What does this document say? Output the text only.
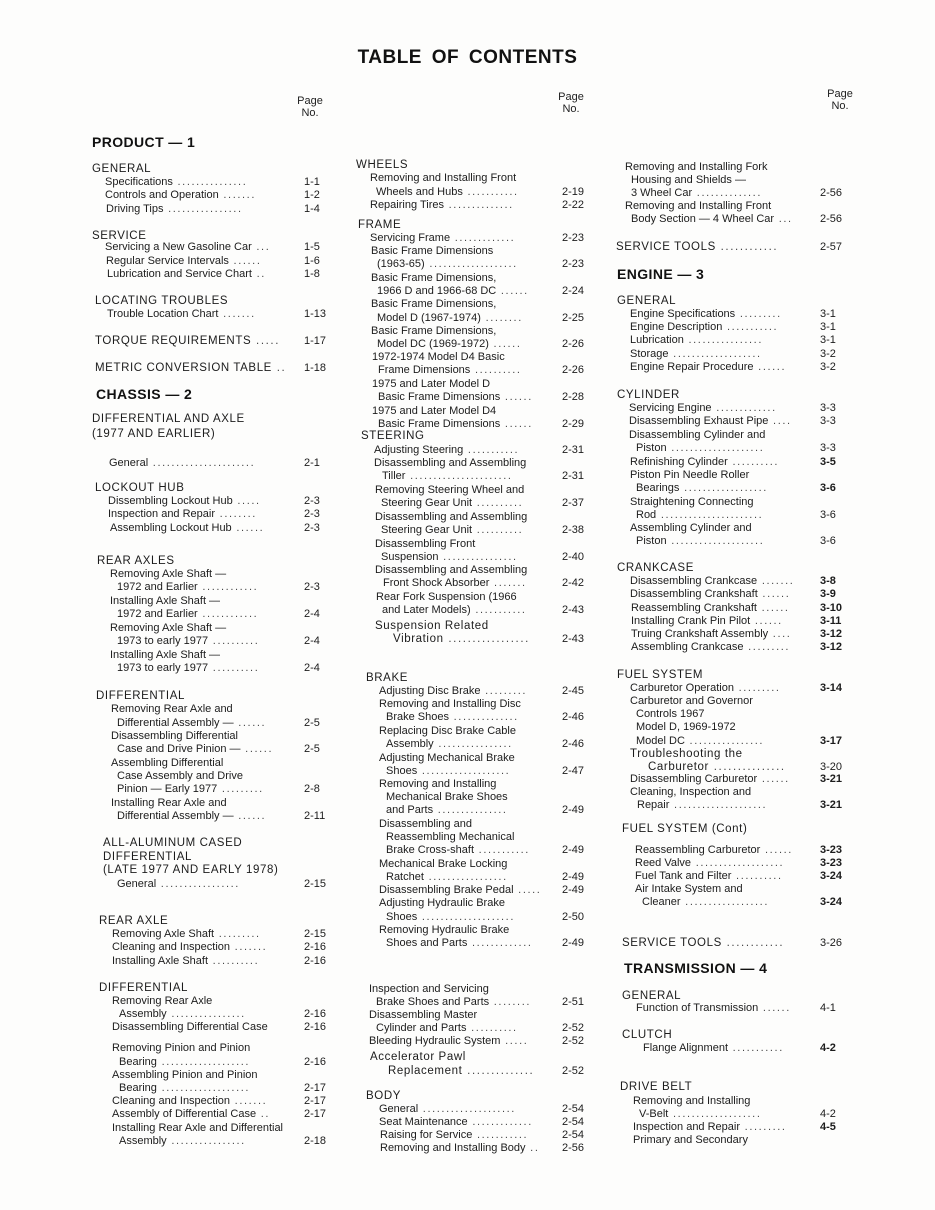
TABLE OF CONTENTS
Page
No.
Page
No.
Page
No.
PRODUCT — 1
GENERAL
Specifications ...............	1-1
Controls and Operation .......	1-2
Driving Tips ................	1-4
SERVICE
Servicing a New Gasoline Car ...	1-5
Regular Service Intervals ......	1-6
Lubrication and Service Chart ..	1-8
LOCATING TROUBLES
Trouble Location Chart .......	1-13
TORQUE REQUIREMENTS ..... 1-17
METRIC CONVERSION TABLE .. 1-18
CHASSIS — 2
DIFFERENTIAL AND AXLE
(1977 AND EARLIER)
General ......................	2-1
LOCKOUT HUB
Dissembling Lockout Hub .....	2-3
Inspection and Repair ........	2-3
Assembling Lockout Hub ......	2-3
REAR AXLES
Removing Axle Shaft —
1972 and Earlier ............	2-3
Installing Axle Shaft —
1972 and Earlier ............	2-4
Removing Axle Shaft —
1973 to early 1977 ..........	2-4
Installing Axle Shaft —
1973 to early 1977 ..........	2-4
DIFFERENTIAL
Removing Rear Axle and
Differential Assembly — ......	2-5
Disassembling Differential
Case and Drive Pinion — ......	2-5
Assembling Differential
Case Assembly and Drive
Pinion — Early 1977 .........	2-8
Installing Rear Axle and
Differential Assembly — ......	2-11
ALL-ALUMINUM CASED
DIFFERENTIAL
(LATE 1977 AND EARLY 1978)
General .................	2-15
REAR AXLE
Removing Axle Shaft .........	2-15
Cleaning and Inspection .......	2-16
Installing Axle Shaft ..........	2-16
DIFFERENTIAL
Removing Rear Axle
Assembly ................	2-16
Disassembling Differential Case	2-16
Removing Pinion and Pinion
Bearing ...................	2-16
Assembling Pinion and Pinion
Bearing ...................	2-17
Cleaning and Inspection .......	2-17
Assembly of Differential Case ..	2-17
Installing Rear Axle and Differential
Assembly ................	2-18
WHEELS
Removing and Installing Front
Wheels and Hubs ...........	2-19
Repairing Tires ..............	2-22
FRAME
Servicing Frame .............	2-23
Basic Frame Dimensions
(1963-65) ...................	2-23
Basic Frame Dimensions,
1966 D and 1966-68 DC ......	2-24
Basic Frame Dimensions,
Model D (1967-1974) ........	2-25
Basic Frame Dimensions,
Model DC (1969-1972) ......	2-26
1972-1974 Model D4 Basic
Frame Dimensions ..........	2-26
1975 and Later Model D
Basic Frame Dimensions ......	2-28
1975 and Later Model D4
Basic Frame Dimensions ......	2-29
STEERING
Adjusting Steering ...........	2-31
Disassembling and Assembling
Tiller ......................	2-31
Removing Steering Wheel and
Steering Gear Unit ..........	2-37
Disassembling and Assembling
Steering Gear Unit ..........	2-38
Disassembling Front
Suspension ................	2-40
Disassembling and Assembling
Front Shock Absorber .......	2-42
Rear Fork Suspension (1966
and Later Models) ...........	2-43
Suspension Related
Vibration .................	2-43
BRAKE
Adjusting Disc Brake .........	2-45
Removing and Installing Disc
Brake Shoes ..............	2-46
Replacing Disc Brake Cable
Assembly ................	2-46
Adjusting Mechanical Brake
Shoes ...................	2-47
Removing and Installing
Mechanical Brake Shoes
and Parts ...............	2-49
Disassembling and
Reassembling Mechanical
Brake Cross-shaft ...........	2-49
Mechanical Brake Locking
Ratchet .................	2-49
Disassembling Brake Pedal ..... 2-49
Adjusting Hydraulic Brake
Shoes ....................	2-50
Removing Hydraulic Brake
Shoes and Parts .............	2-49
Inspection and Servicing
Brake Shoes and Parts ........	2-51
Disassembling Master
Cylinder and Parts ..........	2-52
Bleeding Hydraulic System .....	2-52
Accelerator Pawl
Replacement ..............	2-52
BODY
General ....................	2-54
Seat Maintenance .............	2-54
Raising for Service ...........	2-54
Removing and Installing Body .. 2-56
Removing and Installing Fork
Housing and Shields —
3 Wheel Car ..............	2-56
Removing and Installing Front
Body Section — 4 Wheel Car ... 2-56
SERVICE TOOLS ............	2-57
ENGINE — 3
GENERAL
Engine Specifications .........	3-1
Engine Description ...........	3-1
Lubrication ................	3-1
Storage ...................	3-2
Engine Repair Procedure ......	3-2
CYLINDER
Servicing Engine .............	3-3
Disassembling Exhaust Pipe ....	3-3
Disassembling Cylinder and
Piston ....................	3-3
Refinishing Cylinder ..........	3-5
Piston Pin Needle Roller
Bearings ..................	3-6
Straightening Connecting
Rod ......................	3-6
Assembling Cylinder and
Piston ....................	3-6
CRANKCASE
Disassembling Crankcase ....... 3-8
Disassembling Crankshaft ......	3-9
Reassembling Crankshaft ......	3-10
Installing Crank Pin Pilot ......	3-11
Truing Crankshaft Assembly ....	3-12
Assembling Crankcase .........	3-12
FUEL SYSTEM
Carburetor Operation .........	3-14
Carburetor and Governor
Controls 1967
Model D, 1969-1972
Model DC ................	3-17
Troubleshooting the
Carburetor ...............	3-20
Disassembling Carburetor ......	3-21
Cleaning, Inspection and
Repair ....................	3-21
FUEL SYSTEM (Cont)
Reassembling Carburetor ...... 3-23
Reed Valve ...................	3-23
Fuel Tank and Filter ..........	3-24
Air Intake System and
Cleaner ..................	3-24
SERVICE TOOLS ............	3-26
TRANSMISSION — 4
GENERAL
Function of Transmission ......	4-1
CLUTCH
Flange Alignment ...........	4-2
DRIVE BELT
Removing and Installing
V-Belt ...................	4-2
Inspection and Repair .........	4-5
Primary and Secondary
